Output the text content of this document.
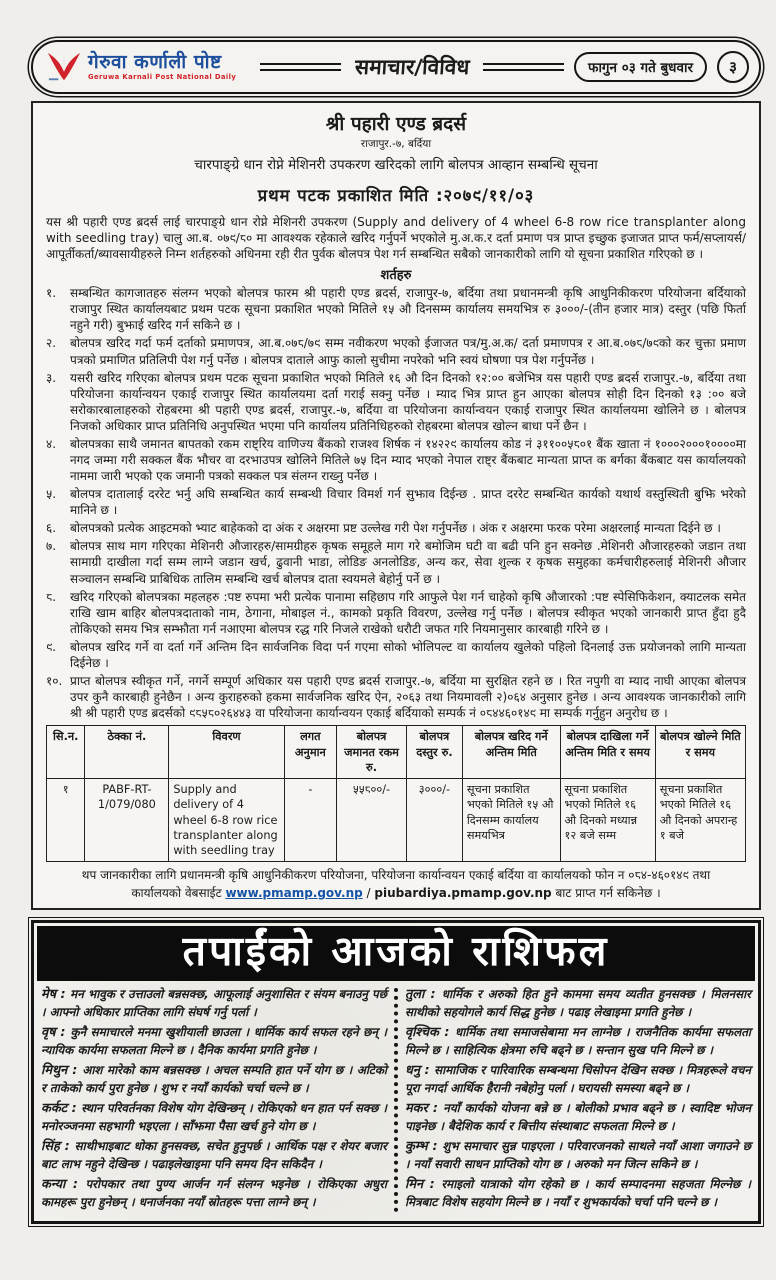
गेरुवा कर्णाली पोष्ट
Geruwa Karnali Post National Daily	समाचार/विविध	फागुन ०३ गते बुधवार	३
श्री पहारी एण्ड ब्रदर्स
राजापुर.-७, बर्दिया
चारपाङ्ग्रे धान रोप्ने मेशिनरी उपकरण खरिदको लागि बोलपत्र आव्हान सम्बन्धि सूचना
प्रथम पटक प्रकाशित मिति :२०७९/११/०३
यस श्री पहारी एण्ड ब्रदर्स लाई चारपाङ्ग्रे धान रोप्ने मेशिनरी उपकरण (Supply and delivery of 4 wheel 6-8 row rice transplanter along with seedling tray) चालु आ.ब. ०७९/८० मा आवश्यक रहेकाले खरिद गर्नुपर्ने भएकोले मु.अ.क.र दर्ता प्रमाण पत्र प्राप्त इच्छुक इजाजत प्राप्त फर्म/सप्लायर्स/आपूर्तीकर्ता/ब्यावसायीहरुले निम्न शर्तहरुको अधिनमा रही रीत पुर्वक बोलपत्र पेश गर्न सम्बन्धित सबैको जानकारीको लागि यो सूचना प्रकाशित गरिएको छ ।
शर्तहरु
१.	सम्बन्धित कागजातहरु संलग्न भएको बोलपत्र फारम श्री पहारी एण्ड ब्रदर्स, राजापुर-७, बर्दिया तथा प्रधानमन्त्री कृषि आधुनिकीकरण परियोजना बर्दियाको राजापुर स्थित कार्यालयबाट प्रथम पटक सूचना प्रकाशित भएको मितिले १५ औ दिनसम्म कार्यालय समयभित्र रु ३०००/-(तीन हजार मात्र) दस्तुर (पछि फिर्ता नहुने गरी) बुझाई खरिद गर्न सकिने छ ।
२.	बोलपत्र खरिद गर्दा फर्म दर्ताको प्रमाणपत्र, आ.ब.०७८/७९ सम्म नवीकरण भएको ईजाजत पत्र/मु.अ.क/ दर्ता प्रमाणपत्र र आ.ब.०७८/७९को कर चुक्ता प्रमाण पत्रको प्रमाणित प्रतिलिपी पेश गर्नु पर्नेछ । बोलपत्र दाताले आफु कालो सुचीमा नपरेको भनि स्वयं घोषणा पत्र पेश गर्नुपर्नेछ ।
३.	यसरी खरिद गरिएका बोलपत्र प्रथम पटक सूचना प्रकाशित भएको मितिले १६ औ दिन दिनको १२:०० बजेभित्र यस पहारी एण्ड ब्रदर्स राजापुर.-७, बर्दिया तथा परियोजना कार्यान्वयन एकाई राजापुर स्थित कार्यालयमा दर्ता गराई सक्नु पर्नेछ । म्याद भित्र प्राप्त हुन आएका बोलपत्र सोही दिन दिनको १३ :०० बजे सरोकारबालाहरुको रोहबरमा श्री पहारी एण्ड ब्रदर्स, राजापुर.-७, बर्दिया वा परियोजना कार्यान्वयन एकाई राजापुर स्थित कार्यालयमा खोलिने छ । बोलपत्र निजको अधिकार प्राप्त प्रतिनिधि अनुपस्थित भएमा पनि कार्यालय प्रतिनिधिहरुको रोहबरमा बोलपत्र खोल्न बाधा पर्ने छैन ।
४.	बोलपत्रका साथै जमानत बापतको रकम राष्ट्रिय वाणिज्य बैंकको राजश्व शिर्षक नं १४२२९ कार्यालय कोड नं ३११००५८०१ बैंक खाता नं १०००२०००१००००मा नगद जम्मा गरी सक्कल बैंक भौचर वा दरभाउपत्र खोलिने मितिले ७५ दिन म्याद भएको नेपाल राष्ट्र बैंकबाट मान्यता प्राप्त क बर्गका बैंकबाट यस कार्यालयको नाममा जारी भएको एक जमानी पत्रको सक्कल पत्र संलग्न राख्नु पर्नेछ ।
५.	बोलपत्र दातालाई दररेट भर्नु अघि सम्बन्धित कार्य सम्बन्धी विचार विमर्श गर्न सुझाव दिईन्छ . प्राप्त दररेट सम्बन्धित कार्यको यथार्थ वस्तुस्थिती बुझि भरेको मानिने छ ।
६.	बोलपत्रको प्रत्येक आइटमको भ्याट बाहेकको दा अंक र अक्षरमा प्रष्ट उल्लेख गरी पेश गर्नुपर्नेछ । अंक र अक्षरमा फरक परेमा अक्षरलाई मान्यता दिईने छ ।
७.	बोलपत्र साथ माग गरिएका मेशिनरी औजारहरु/सामग्रीहरु कृषक समूहले माग गरे बमोजिम घटी वा बढी पनि हुन सक्नेछ .मेशिनरी औजारहरुको जडान तथा सामाग्री दाखीला गर्दा सम्म लाग्ने जडान खर्च, ढुवानी भाडा, लोडिङ अनलोडिङ, अन्य कर, सेवा शुल्क र कृषक समुहका कर्मचारीहरुलाई मेशिनरी औजार सञ्चालन सम्बन्धि प्राबिधिक तालिम सम्बन्धि खर्च बोलपत्र दाता स्वयमले बेहोर्नु पर्ने छ ।
८.	खरिद गरिएको बोलपत्रका महलहरु :पष्ट रुपमा भरी प्रत्येक पानामा सहिछाप गरि आफुले पेश गर्न चाहेको कृषि औजारको :पष्ट स्पेसिफिकेशन, क्याटलक समेत राखि खाम बाहिर बोलपत्रदाताको नाम, ठेगाना, मोबाइल नं., कामको प्रकृति विवरण, उल्लेख गर्नु पर्नेछ । बोलपत्र स्वीकृत भएको जानकारी प्राप्त हुँदा हुदै तोकिएको समय भित्र सम्झौता गर्न नआएमा बोलपत्र रद्ध गरि निजले राखेको धरौटी जफत गरि नियमानुसार कारबाही गरिने छ ।
९.	बोलपत्र खरिद गर्ने वा दर्ता गर्ने अन्तिम दिन सार्वजनिक विदा पर्न गएमा सोको भोलिपल्ट वा कार्यालय खुलेको पहिलो दिनलाई उक्त प्रयोजनको लागि मान्यता दिईनेछ ।
१०. प्राप्त बोलपत्र स्वीकृत गर्ने, नगर्ने सम्पूर्ण अधिकार यस पहारी एण्ड ब्रदर्स राजापुर.-७, बर्दिया मा सुरक्षित रहने छ । रित नपुगी वा म्याद नाघी आएका बोलपत्र उपर कुनै कारबाही हुनेछैन । अन्य कुराहरुको हकमा सार्वजनिक खरिद ऐन, २०६३ तथा नियमावली २)०६४ अनुसार हुनेछ । अन्य आवश्यक जानकारीको लागि श्री श्री पहारी एण्ड ब्रदर्सको ९८५८०२६४४३ वा परियोजना कार्यान्वयन एकाई बर्दियाको सम्पर्क नं ०८४४६०१४९ मा सम्पर्क गर्नुहुन अनुरोध छ ।
सि.न.	ठेक्का नं.	विवरण	लगत अनुमान	बोलपत्र जमानत रकम रु.	बोलपत्र दस्तुर रु.	बोलपत्र खरिद गर्ने अन्तिम मिति	बोलपत्र दाखिला गर्ने अन्तिम मिति र समय	बोलपत्र खोल्ने मिति र समय
१	PABF-RT-1/079/080	Supply and delivery of 4 wheel 6-8 row rice transplanter along with seedling tray	-	५५८००/-	३०००/-	सूचना प्रकाशित भएको मितिले १५ औ दिनसम्म कार्यालय समयभित्र	सूचना प्रकाशित भएको मितिले १६ औ दिनको मध्यान्न १२ बजे सम्म	सूचना प्रकाशित भएको मितिले १६ औ दिनको अपरान्ह १ बजे
थप जानकारीका लागि प्रधानमन्त्री कृषि आधुनिकीकरण परियोजना, परियोजना कार्यान्वयन एकाई बर्दिया वा कार्यालयको फोन न ०८४-४६०१४९ तथा
कार्यालयको वेबसाईट www.pmamp.gov.np / piubardiya.pmamp.gov.np बाट प्राप्त गर्न सकिनेछ ।
तपाईंको आजको राशिफल
मेष : मन भावुक र उत्ताउलो बन्नसक्छ, आफूलाई अनुशासित र संयम बनाउनु पर्छ । आफ्नो अधिकार प्राप्तिका लागि संघर्ष गर्नु पर्ला ।
वृष : कुनै समाचारले मनमा खुशीयाली छाउला । धार्मिक कार्य सफल रहने छन् । न्यायिक कार्यमा सफलता मिल्ने छ । दैनिक कार्यमा प्रगति हुनेछ ।
मिथुन : आश मारेको काम बन्नसक्छ । अचल सम्पति हात पर्ने योग छ । अटिको र ताकेको कार्य पुरा हुनेछ । शुभ र नयाँ कार्यको चर्चा चल्ने छ ।
कर्कट : स्थान परिवर्तनका विशेष योग देखिन्छन् । रोकिएको धन हात पर्न सक्छ । मनोरञ्जनमा सहभागी भइएला । साँझमा पैसा खर्च हुने योग छ ।
सिंह : साथीभाइबाट धोका हुनसक्छ, सचेत हुनुपर्छ । आर्थिक पक्ष र शेयर बजार बाट लाभ नहुने देखिन्छ । पढाइलेखाइमा पनि समय दिन सकिदैन ।
कन्या : परोपकार तथा पुण्य आर्जन गर्न संलग्न भइनेछ । रोकिएका अधुरा कामहरू पुरा हुनेछन् । धनार्जनका नयाँ स्रोतहरू पत्ता लाग्ने छन् ।
तुला : धार्मिक र अरुको हित हुने काममा समय व्यतीत हुनसक्छ । मिलनसार साथीको सहयोगले कार्य सिद्ध हुनेछ । पढाइ लेखाइमा प्रगति हुनेछ ।
वृश्चिक : धार्मिक तथा समाजसेबामा मन लाग्नेछ । राजनैतिक कार्यमा सफलता मिल्ने छ । साहित्यिक क्षेत्रमा रुचि बढ्ने छ । सन्तान सुख पनि मिल्ने छ ।
धनु : सामाजिक र पारिवारिक सम्बन्धमा चिसोपन देखिन सक्छ । मित्रहरूले वचन पूरा नगर्दा आर्थिक हैरानी नबेहोनु पर्ला । घरायसी समस्या बढ्ने छ ।
मकर : नयाँ कार्यको योजना बन्ने छ । बोलीको प्रभाव बढ्ने छ । स्वादिष्ट भोजन पाइनेछ । बैदेशिक कार्य र बित्तीय संस्थाबाट सफलता मिल्ने छ ।
कुम्भ : शुभ समाचार सुन्न पाइएला । परिवारजनको साथले नयाँ आशा जगाउने छ । नयाँ सवारी साधन प्राप्तिको योग छ । अरुको मन जित्न सकिने छ ।
मिन : रमाइलो यात्राको योग रहेको छ । कार्य सम्पादनमा सहजता मिल्नेछ । मित्रबाट विशेष सहयोग मिल्ने छ । नयाँ र शुभकार्यको चर्चा पनि चल्ने छ ।
